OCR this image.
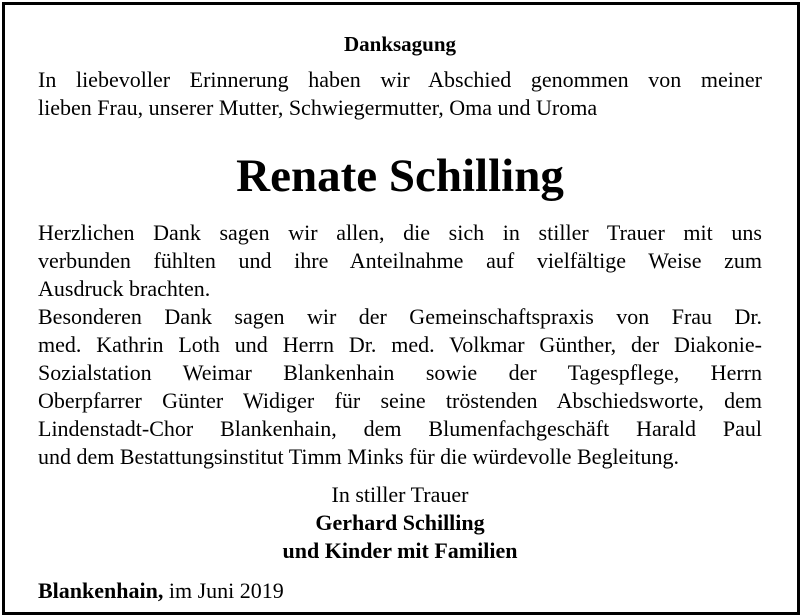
Danksagung
In liebevoller Erinnerung haben wir Abschied genommen von meiner
lieben Frau, unserer Mutter, Schwiegermutter, Oma und Uroma
Renate Schilling
Herzlichen Dank sagen wir allen, die sich in stiller Trauer mit uns
verbunden fühlten und ihre Anteilnahme auf vielfältige Weise zum
Ausdruck brachten.
Besonderen Dank sagen wir der Gemeinschaftspraxis von Frau Dr.
med. Kathrin Loth und Herrn Dr. med. Volkmar Günther, der Diakonie-
Sozialstation Weimar Blankenhain sowie der Tagespflege, Herrn
Oberpfarrer Günter Widiger für seine tröstenden Abschiedsworte, dem
Lindenstadt-Chor Blankenhain, dem Blumenfachgeschäft Harald Paul
und dem Bestattungsinstitut Timm Minks für die würdevolle Begleitung.
In stiller Trauer
Gerhard Schilling
und Kinder mit Familien
Blankenhain, im Juni 2019
